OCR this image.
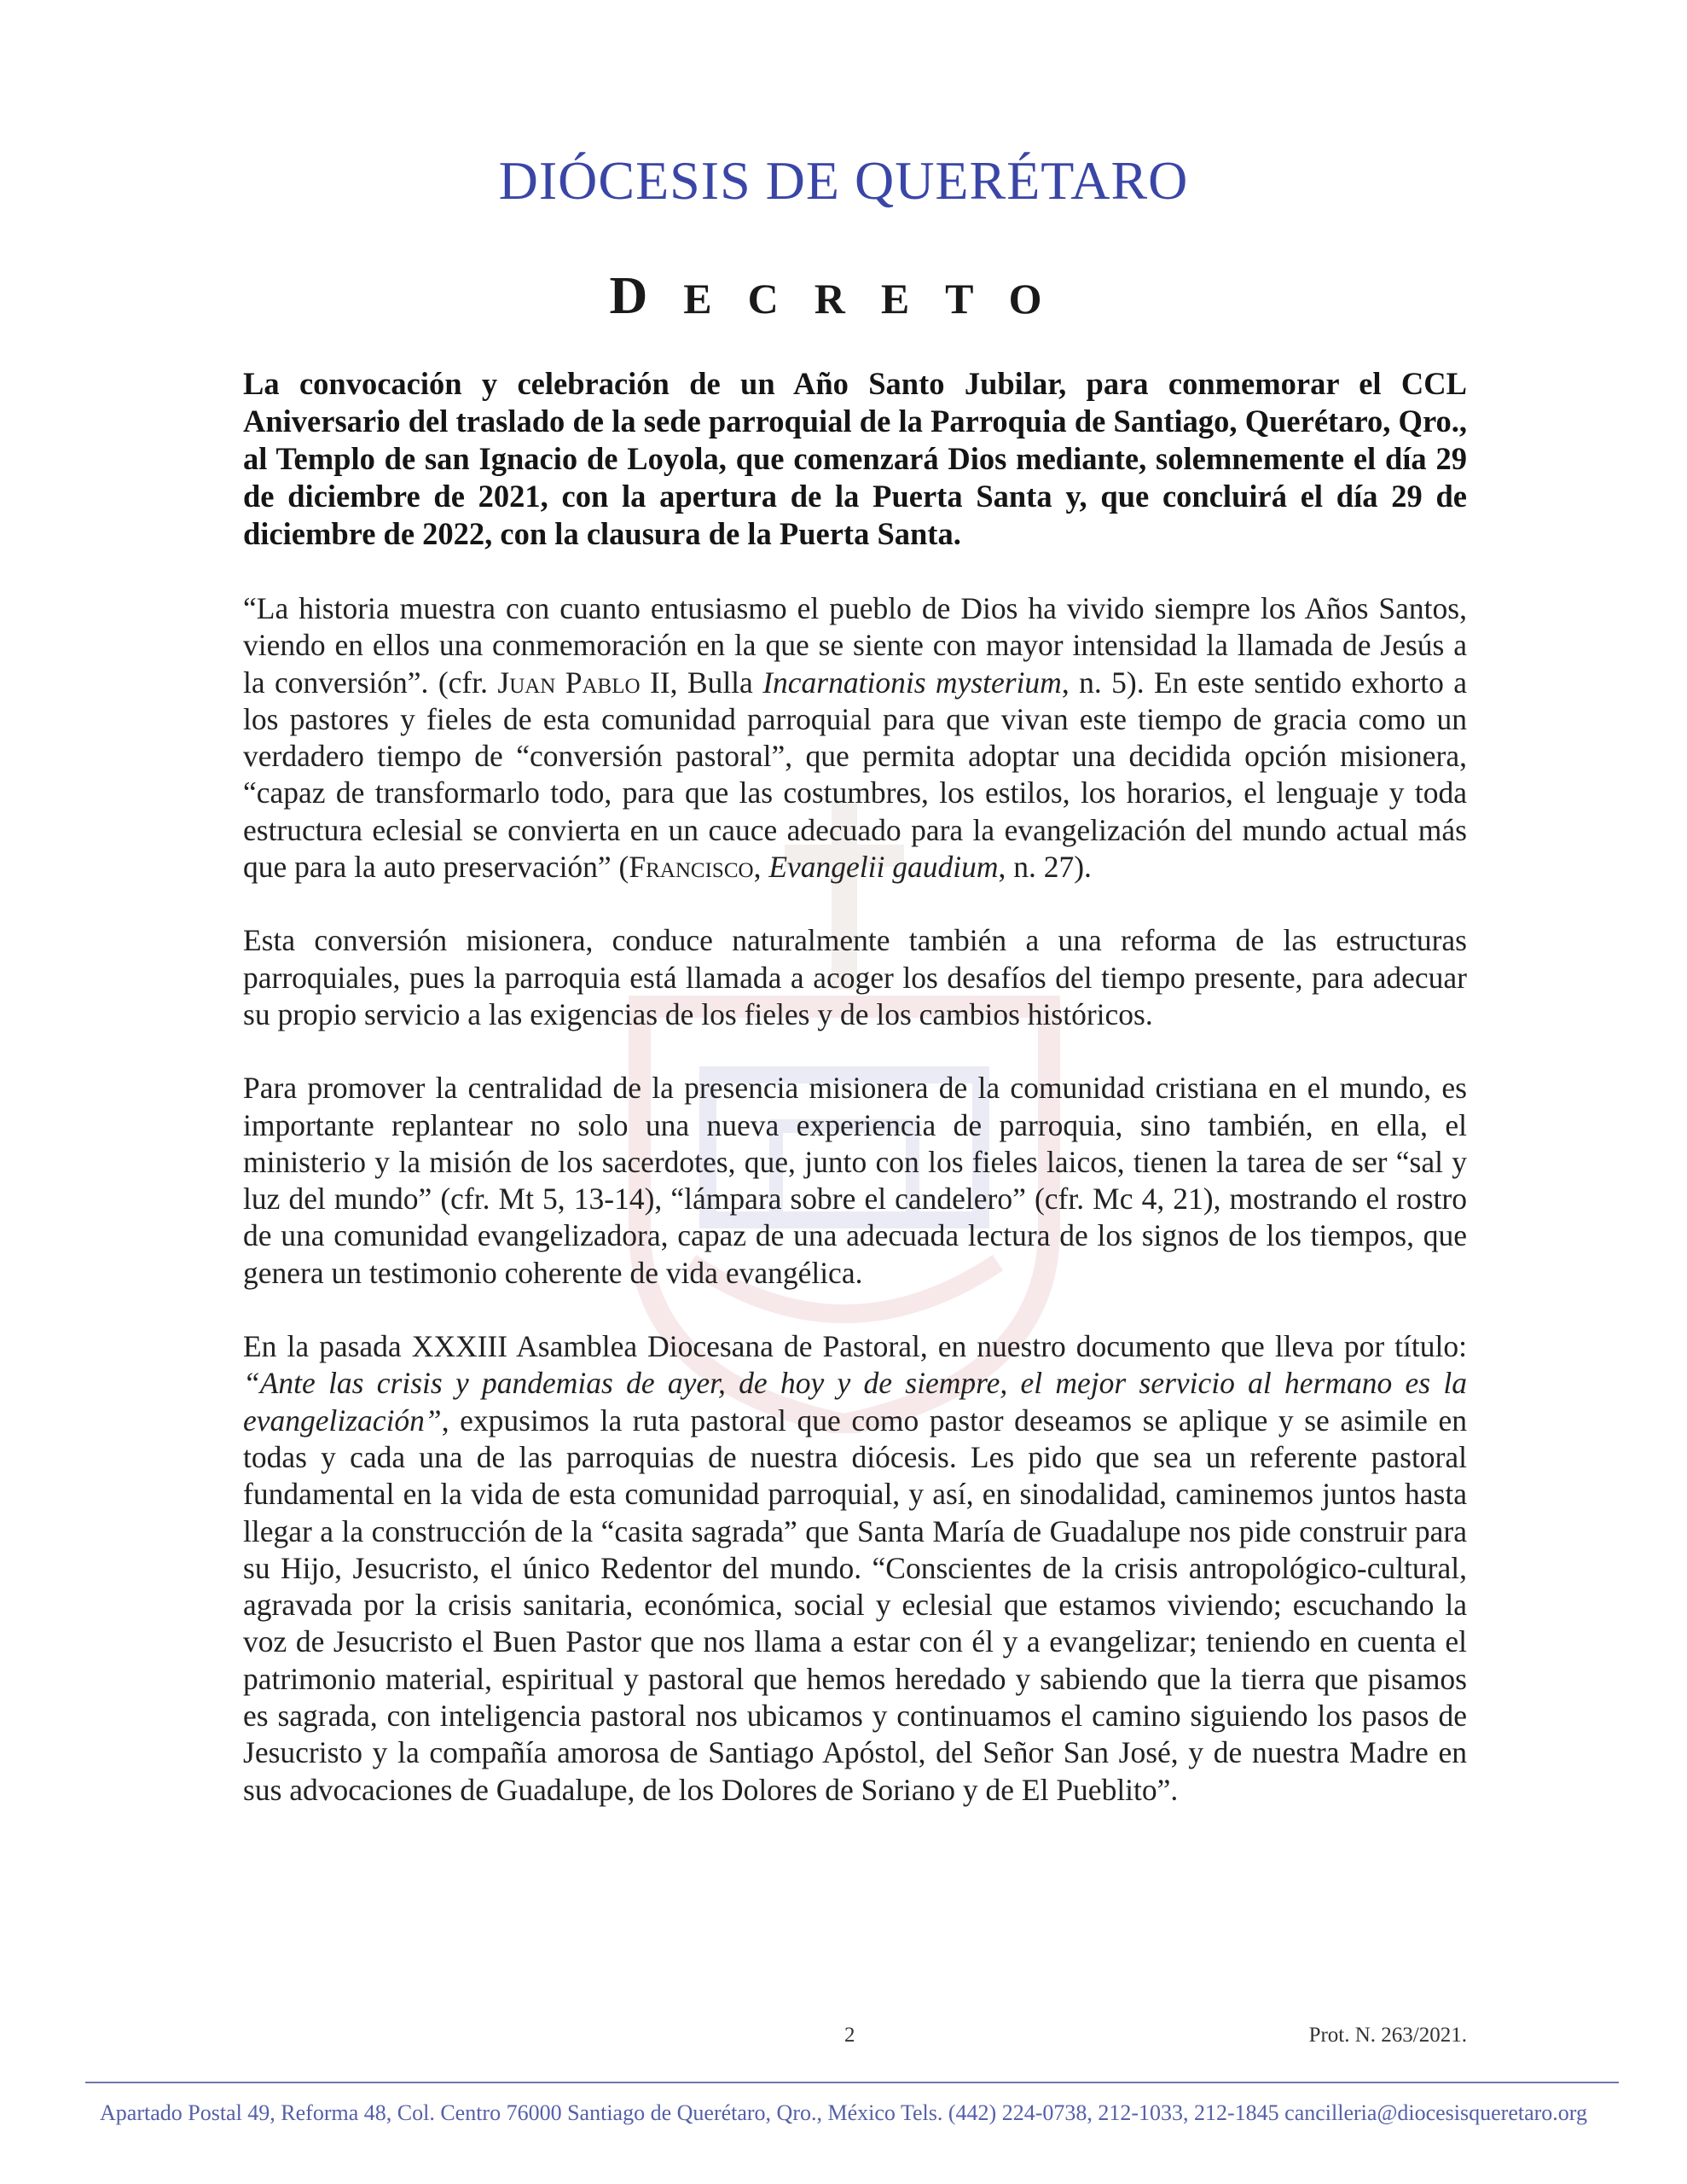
DIÓCESIS DE QUERÉTARO
DECRETO

La convocación y celebración de un Año Santo Jubilar, para conmemorar el CCL Aniversario del traslado de la sede parroquial de la Parroquia de Santiago, Querétaro, Qro., al Templo de san Ignacio de Loyola, que comenzará Dios mediante, solemnemente el día 29 de diciembre de 2021, con la apertura de la Puerta Santa y, que concluirá el día 29 de diciembre de 2022, con la clausura de la Puerta Santa.

“La historia muestra con cuanto entusiasmo el pueblo de Dios ha vivido siempre los Años Santos, viendo en ellos una conmemoración en la que se siente con mayor intensidad la llamada de Jesús a la conversión”. (cfr. Juan Pablo II, Bulla Incarnationis mysterium, n. 5). En este sentido exhorto a los pastores y fieles de esta comunidad parroquial para que vivan este tiempo de gracia como un verdadero tiempo de “conversión pastoral”, que permita adoptar una decidida opción misionera, “capaz de transformarlo todo, para que las costumbres, los estilos, los horarios, el lenguaje y toda estructura eclesial se convierta en un cauce adecuado para la evangelización del mundo actual más que para la auto preservación” (Francisco, Evangelii gaudium, n. 27).

Esta conversión misionera, conduce naturalmente también a una reforma de las estructuras parroquiales, pues la parroquia está llamada a acoger los desafíos del tiempo presente, para adecuar su propio servicio a las exigencias de los fieles y de los cambios históricos.

Para promover la centralidad de la presencia misionera de la comunidad cristiana en el mundo, es importante replantear no solo una nueva experiencia de parroquia, sino también, en ella, el ministerio y la misión de los sacerdotes, que, junto con los fieles laicos, tienen la tarea de ser “sal y luz del mundo” (cfr. Mt 5, 13-14), “lámpara sobre el candelero” (cfr. Mc 4, 21), mostrando el rostro de una comunidad evangelizadora, capaz de una adecuada lectura de los signos de los tiempos, que genera un testimonio coherente de vida evangélica.

En la pasada XXXIII Asamblea Diocesana de Pastoral, en nuestro documento que lleva por título: “Ante las crisis y pandemias de ayer, de hoy y de siempre, el mejor servicio al hermano es la evangelización”, expusimos la ruta pastoral que como pastor deseamos se aplique y se asimile en todas y cada una de las parroquias de nuestra diócesis. Les pido que sea un referente pastoral fundamental en la vida de esta comunidad parroquial, y así, en sinodalidad, caminemos juntos hasta llegar a la construcción de la “casita sagrada” que Santa María de Guadalupe nos pide construir para su Hijo, Jesucristo, el único Redentor del mundo. “Conscientes de la crisis antropológico-cultural, agravada por la crisis sanitaria, económica, social y eclesial que estamos viviendo; escuchando la voz de Jesucristo el Buen Pastor que nos llama a estar con él y a evangelizar; teniendo en cuenta el patrimonio material, espiritual y pastoral que hemos heredado y sabiendo que la tierra que pisamos es sagrada, con inteligencia pastoral nos ubicamos y continuamos el camino siguiendo los pasos de Jesucristo y la compañía amorosa de Santiago Apóstol, del Señor San José, y de nuestra Madre en sus advocaciones de Guadalupe, de los Dolores de Soriano y de El Pueblito”.

2	Prot. N. 263/2021.
Apartado Postal 49, Reforma 48, Col. Centro 76000 Santiago de Querétaro, Qro., México Tels. (442) 224-0738, 212-1033, 212-1845 cancilleria@diocesisqueretaro.org
